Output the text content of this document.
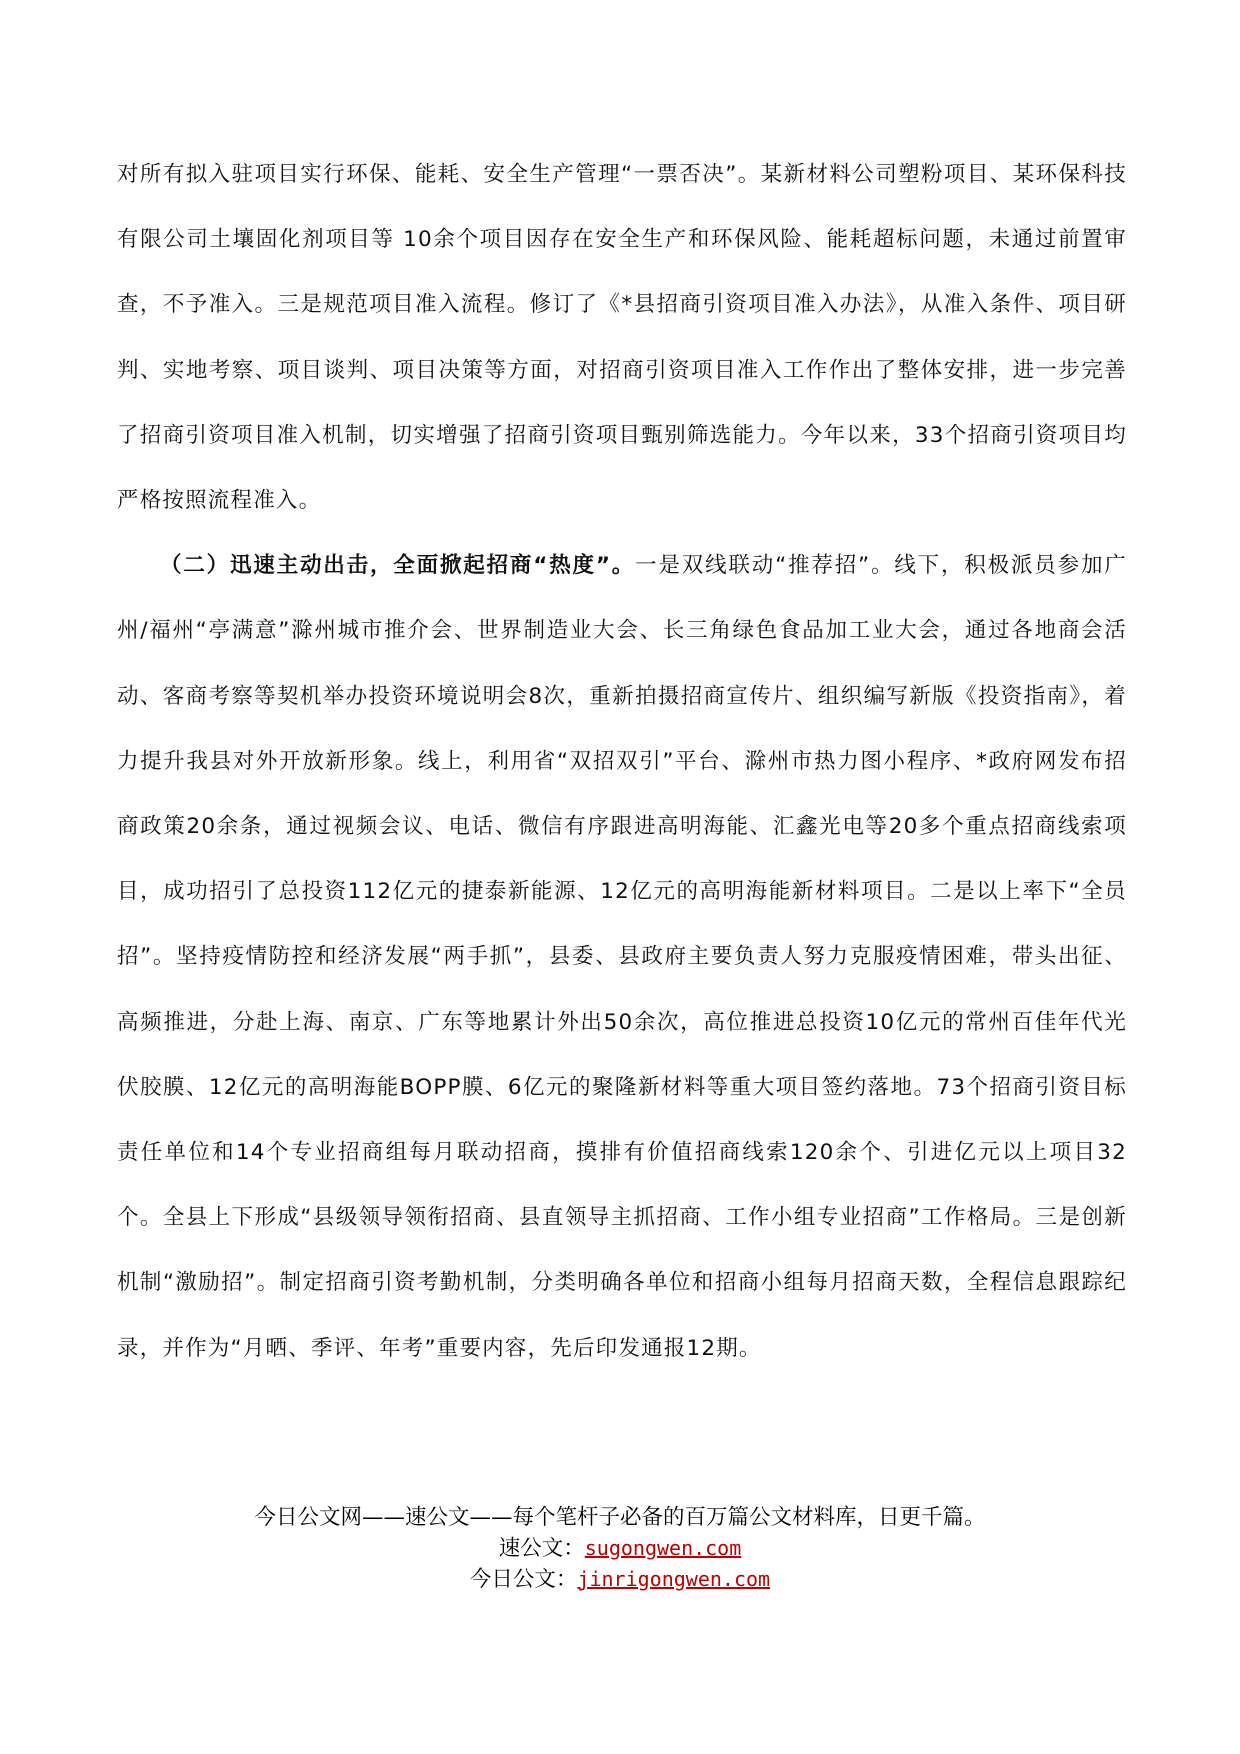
对所有拟入驻项目实行环保、能耗、安全生产管理“一票否决”。某新材料公司塑粉项目、某环保科技有限公司土壤固化剂项目等 10余个项目因存在安全生产和环保风险、能耗超标问题，未通过前置审查，不予准入。三是规范项目准入流程。修订了《*县招商引资项目准入办法》，从准入条件、项目研判、实地考察、项目谈判、项目决策等方面，对招商引资项目准入工作作出了整体安排，进一步完善了招商引资项目准入机制，切实增强了招商引资项目甄别筛选能力。今年以来，33个招商引资项目均严格按照流程准入。

（二）迅速主动出击，全面掀起招商“热度”。一是双线联动“推荐招”。线下，积极派员参加广州/福州“亭满意”滁州城市推介会、世界制造业大会、长三角绿色食品加工业大会，通过各地商会活动、客商考察等契机举办投资环境说明会8次，重新拍摄招商宣传片、组织编写新版《投资指南》，着力提升我县对外开放新形象。线上，利用省“双招双引”平台、滁州市热力图小程序、*政府网发布招商政策20余条，通过视频会议、电话、微信有序跟进高明海能、汇鑫光电等20多个重点招商线索项目，成功招引了总投资112亿元的捷泰新能源、12亿元的高明海能新材料项目。二是以上率下“全员招”。坚持疫情防控和经济发展“两手抓”，县委、县政府主要负责人努力克服疫情困难，带头出征、高频推进，分赴上海、南京、广东等地累计外出50余次，高位推进总投资10亿元的常州百佳年代光伏胶膜、12亿元的高明海能BOPP膜、6亿元的聚隆新材料等重大项目签约落地。73个招商引资目标责任单位和14个专业招商组每月联动招商，摸排有价值招商线索120余个、引进亿元以上项目32个。全县上下形成“县级领导领衔招商、县直领导主抓招商、工作小组专业招商”工作格局。三是创新机制“激励招”。制定招商引资考勤机制，分类明确各单位和招商小组每月招商天数，全程信息跟踪纪录，并作为“月晒、季评、年考”重要内容，先后印发通报12期。

今日公文网——速公文——每个笔杆子必备的百万篇公文材料库，日更千篇。
速公文：sugongwen.com
今日公文：jinrigongwen.com
